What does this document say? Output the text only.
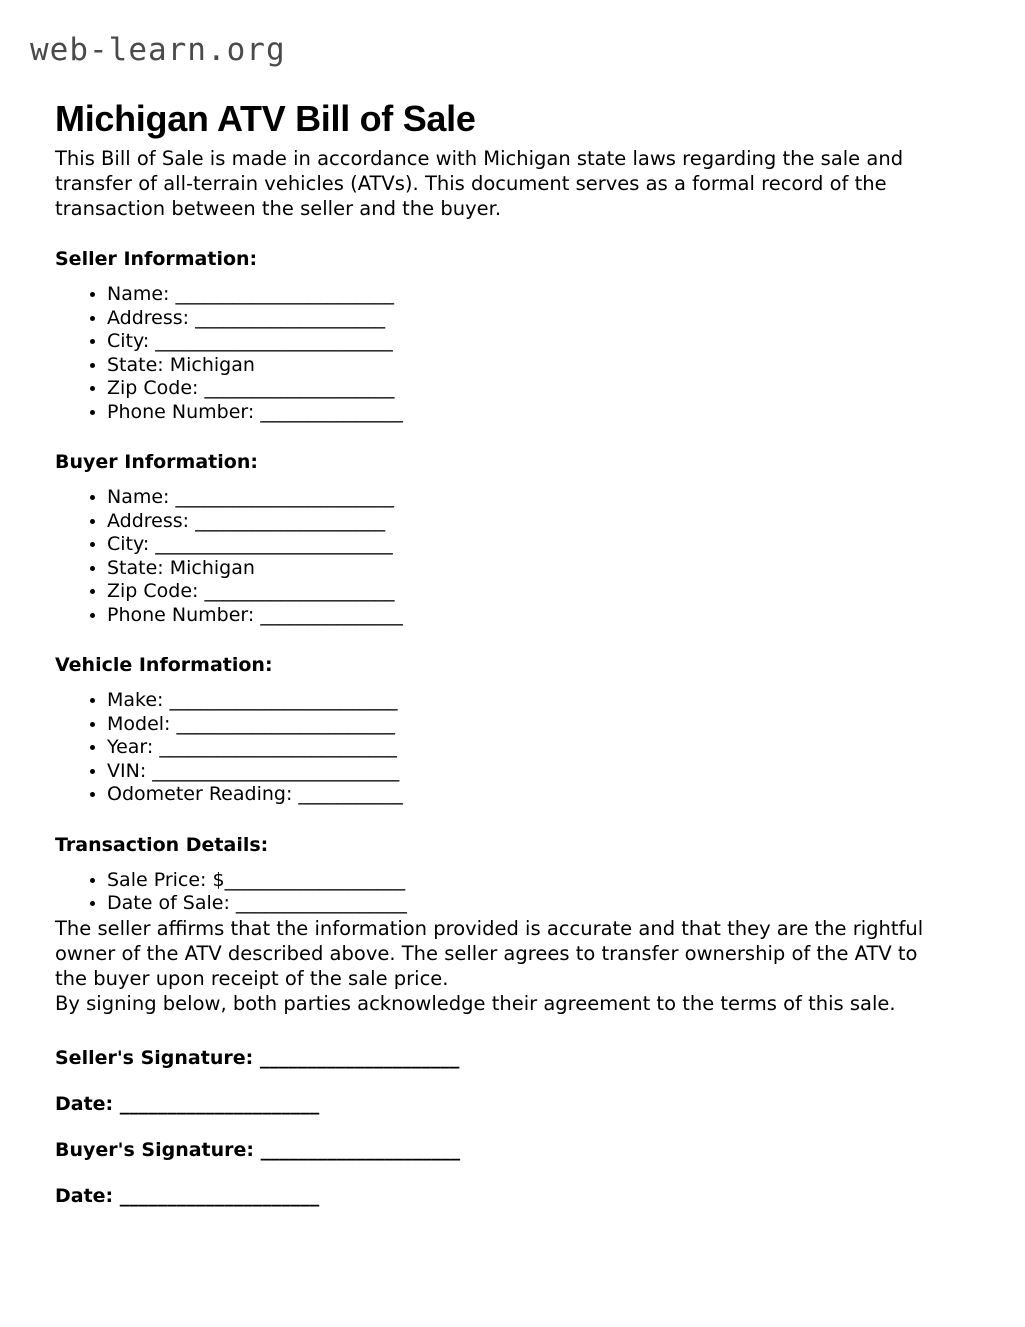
web-learn.org
Michigan ATV Bill of Sale

This Bill of Sale is made in accordance with Michigan state laws regarding the sale and transfer of all-terrain vehicles (ATVs). This document serves as a formal record of the transaction between the seller and the buyer.

Seller Information:
• Name: _______________________
• Address: ____________________
• City: _________________________
• State: Michigan
• Zip Code: ____________________
• Phone Number: _______________
Buyer Information:
• Name: _______________________
• Address: ____________________
• City: _________________________
• State: Michigan
• Zip Code: ____________________
• Phone Number: _______________
Vehicle Information:
• Make: ________________________
• Model: _______________________
• Year: _________________________
• VIN: __________________________
• Odometer Reading: ___________
Transaction Details:
• Sale Price: $___________________
• Date of Sale: __________________

The seller affirms that the information provided is accurate and that they are the rightful owner of the ATV described above. The seller agrees to transfer ownership of the ATV to the buyer upon receipt of the sale price.

By signing below, both parties acknowledge their agreement to the terms of this sale.

Seller's Signature: _____________________
Date: _____________________
Buyer's Signature: _____________________
Date: _____________________
